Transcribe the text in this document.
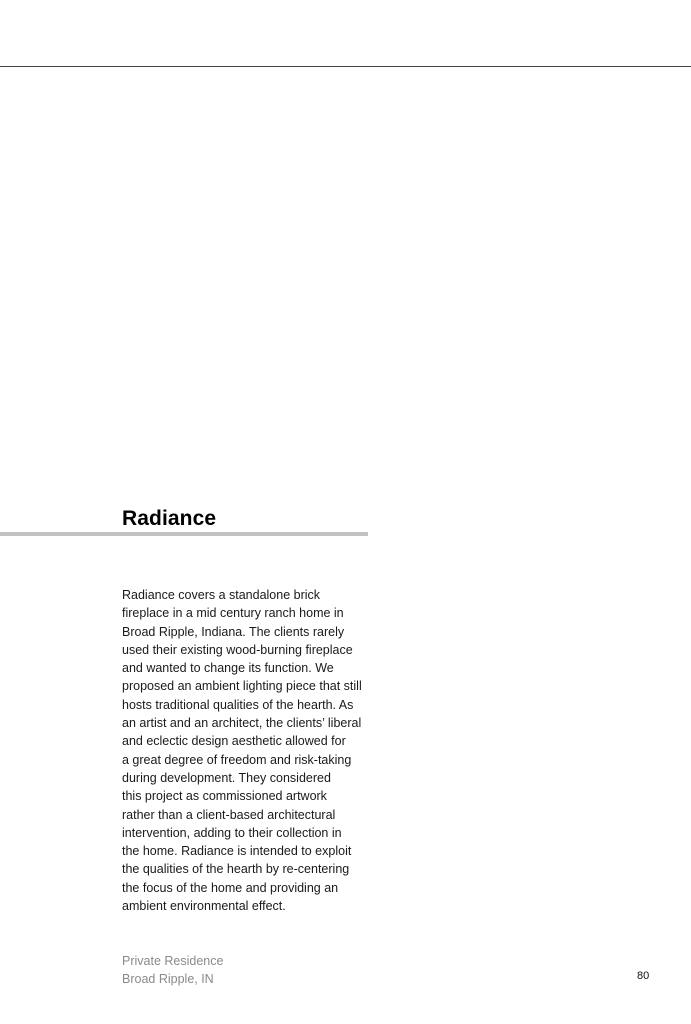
Radiance
Radiance covers a standalone brick
fireplace in a mid century ranch home in
Broad Ripple, Indiana. The clients rarely
used their existing wood-burning fireplace
and wanted to change its function. We
proposed an ambient lighting piece that still
hosts traditional qualities of the hearth. As
an artist and an architect, the clients’ liberal
and eclectic design aesthetic allowed for
a great degree of freedom and risk-taking
during development. They considered
this project as commissioned artwork
rather than a client-based architectural
intervention, adding to their collection in
the home. Radiance is intended to exploit
the qualities of the hearth by re-centering
the focus of the home and providing an
ambient environmental effect.
Private Residence
Broad Ripple, IN	80
